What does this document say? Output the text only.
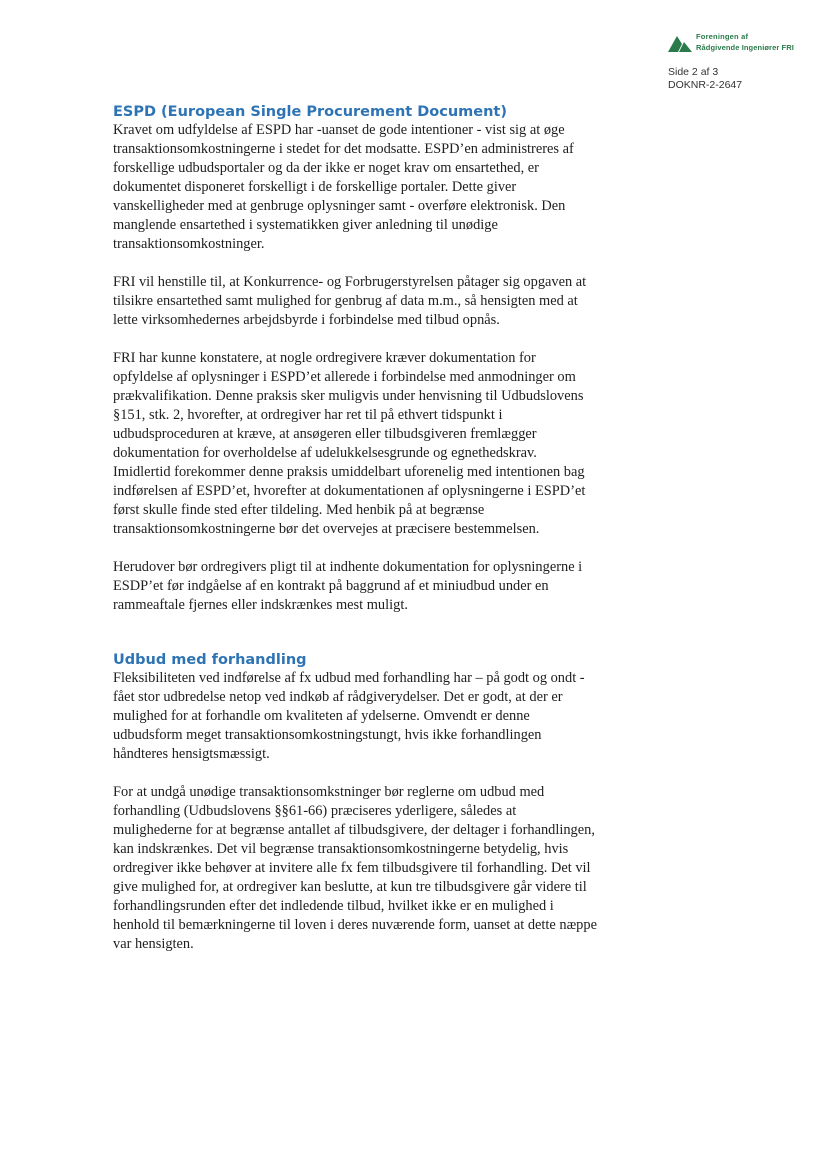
Foreningen af
Rådgivende Ingeniører FRI
Side 2 af 3
DOKNR-2-2647
ESPD (European Single Procurement Document)

Kravet om udfyldelse af ESPD har -uanset de gode intentioner - vist sig at øge

transaktionsomkostningerne i stedet for det modsatte. ESPD’en administreres af

forskellige udbudsportaler og da der ikke er noget krav om ensartethed, er

dokumentet disponeret forskelligt i de forskellige portaler. Dette giver

vanskelligheder med at genbruge oplysninger samt - overføre elektronisk. Den

manglende ensartethed i systematikken giver anledning til unødige

transaktionsomkostninger.

FRI vil henstille til, at Konkurrence- og Forbrugerstyrelsen påtager sig opgaven at

tilsikre ensartethed samt mulighed for genbrug af data m.m., så hensigten med at

lette virksomhedernes arbejdsbyrde i forbindelse med tilbud opnås.

FRI har kunne konstatere, at nogle ordregivere kræver dokumentation for

opfyldelse af oplysninger i ESPD’et allerede i forbindelse med anmodninger om

prækvalifikation. Denne praksis sker muligvis under henvisning til Udbudslovens

§151, stk. 2, hvorefter, at ordregiver har ret til på ethvert tidspunkt i

udbudsproceduren at kræve, at ansøgeren eller tilbudsgiveren fremlægger

dokumentation for overholdelse af udelukkelsesgrunde og egnethedskrav.

Imidlertid forekommer denne praksis umiddelbart uforenelig med intentionen bag

indførelsen af ESPD’et, hvorefter at dokumentationen af oplysningerne i ESPD’et

først skulle finde sted efter tildeling. Med henbik på at begrænse

transaktionsomkostningerne bør det overvejes at præcisere bestemmelsen.

Herudover bør ordregivers pligt til at indhente dokumentation for oplysningerne i

ESDP’et før indgåelse af en kontrakt på baggrund af et miniudbud under en

rammeaftale fjernes eller indskrænkes mest muligt.

Udbud med forhandling

Fleksibiliteten ved indførelse af fx udbud med forhandling har – på godt og ondt -

fået stor udbredelse netop ved indkøb af rådgiverydelser. Det er godt, at der er

mulighed for at forhandle om kvaliteten af ydelserne. Omvendt er denne

udbudsform meget transaktionsomkostningstungt, hvis ikke forhandlingen

håndteres hensigtsmæssigt.

For at undgå unødige transaktionsomkstninger bør reglerne om udbud med

forhandling (Udbudslovens §§61-66) præciseres yderligere, således at

mulighederne for at begrænse antallet af tilbudsgivere, der deltager i forhandlingen,

kan indskrænkes. Det vil begrænse transaktionsomkostningerne betydelig, hvis

ordregiver ikke behøver at invitere alle fx fem tilbudsgivere til forhandling. Det vil

give mulighed for, at ordregiver kan beslutte, at kun tre tilbudsgivere går videre til

forhandlingsrunden efter det indledende tilbud, hvilket ikke er en mulighed i

henhold til bemærkningerne til loven i deres nuværende form, uanset at dette næppe

var hensigten.
